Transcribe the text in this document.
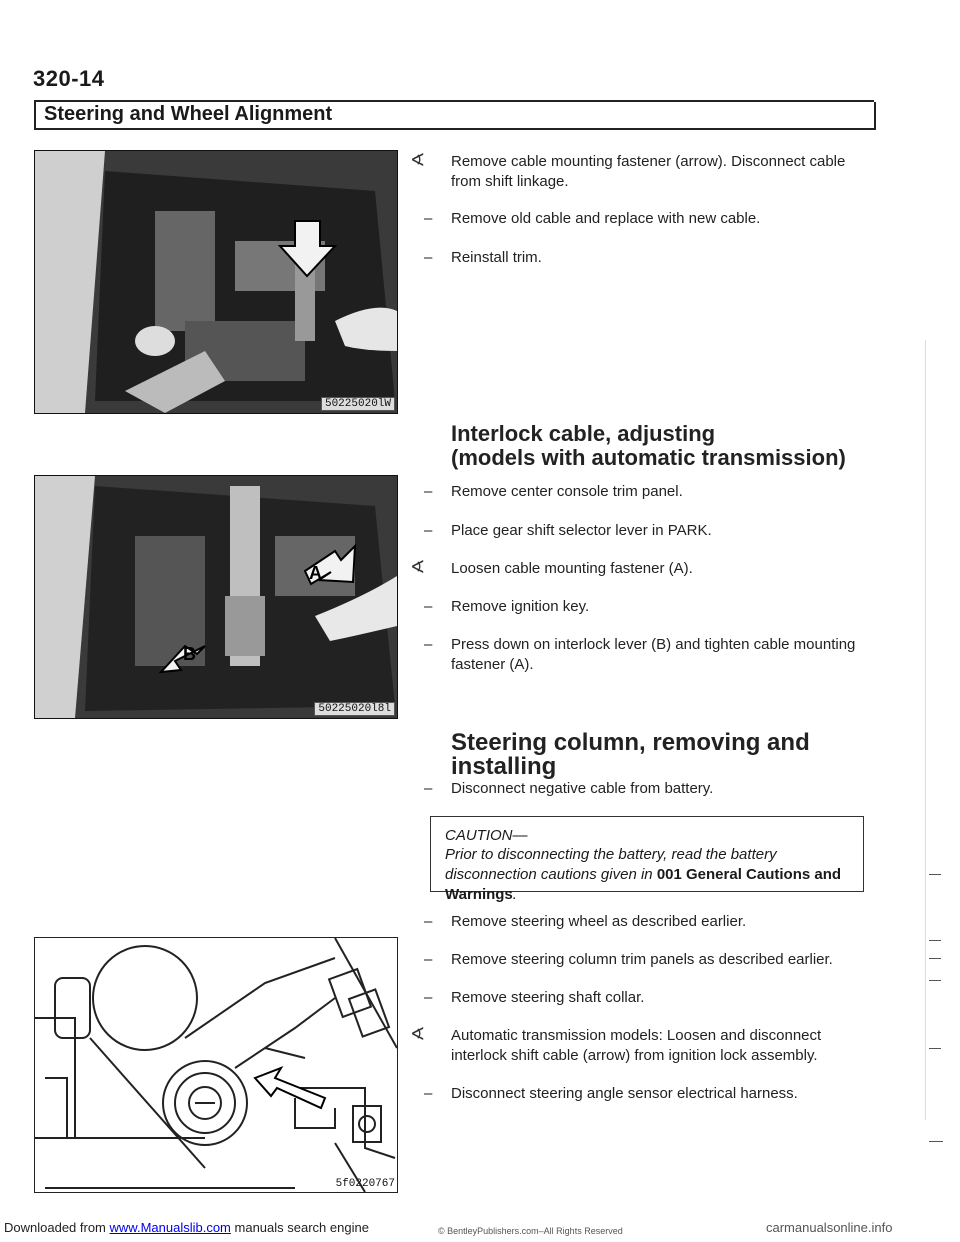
320-14
Steering and Wheel Alignment
50225020lW
A
B
50225020l8l
5f0220767
∢	Remove cable mounting fastener (arrow). Disconnect cable from shift linkage.
–	Remove old cable and replace with new cable.
–	Reinstall trim.
Interlock cable, adjusting
(models with automatic transmission)
–	Remove center console trim panel.
–	Place gear shift selector lever in PARK.
∢	Loosen cable mounting fastener (A).
–	Remove ignition key.
–	Press down on interlock lever (B) and tighten cable mounting fastener (A).
Steering column, removing and installing
–	Disconnect negative cable from battery.
CAUTION—
Prior to disconnecting the battery, read the battery disconnection cautions given in 001 General Cautions and Warnings.
–	Remove steering wheel as described earlier.
–	Remove steering column trim panels as described earlier.
–	Remove steering shaft collar.
∢	Automatic transmission models: Loosen and disconnect interlock shift cable (arrow) from ignition lock assembly.
–	Disconnect steering angle sensor electrical harness.
Downloaded from www.Manualslib.com manuals search engine	© BentleyPublishers.com–All Rights Reserved	carmanualsonline.info
